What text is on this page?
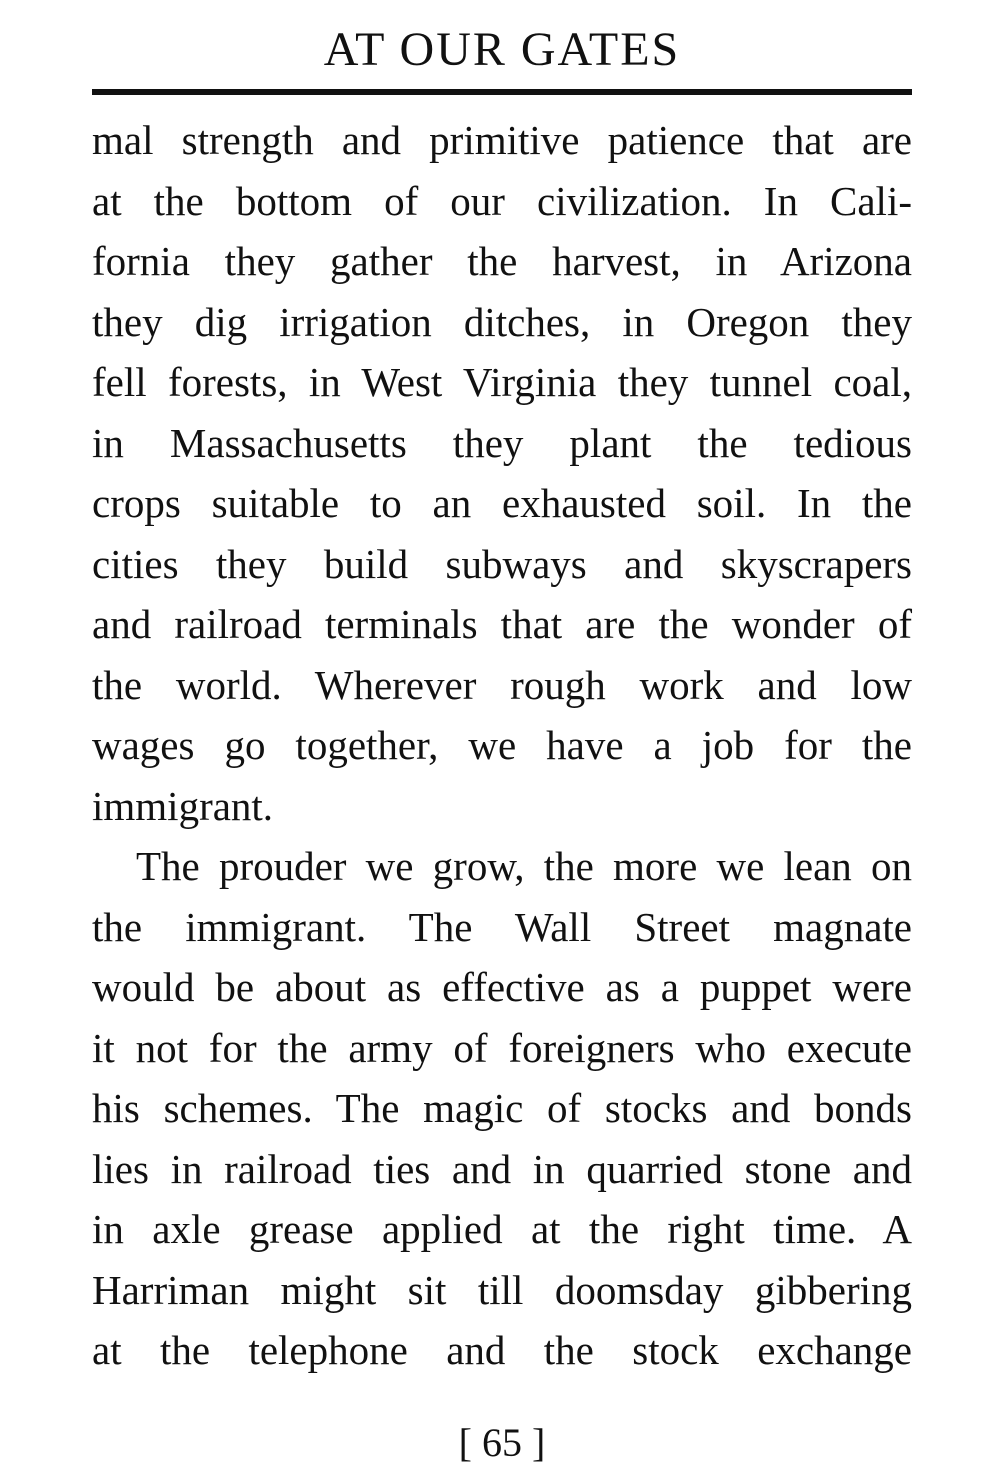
AT OUR GATES
mal strength and primitive patience that are
at the bottom of our civilization. In Cali-
fornia they gather the harvest, in Arizona
they dig irrigation ditches, in Oregon they
fell forests, in West Virginia they tunnel coal,
in Massachusetts they plant the tedious
crops suitable to an exhausted soil. In the
cities they build subways and skyscrapers
and railroad terminals that are the wonder of
the world. Wherever rough work and low
wages go together, we have a job for the
immigrant.
The prouder we grow, the more we lean on
the immigrant. The Wall Street magnate
would be about as effective as a puppet were
it not for the army of foreigners who execute
his schemes. The magic of stocks and bonds
lies in railroad ties and in quarried stone and
in axle grease applied at the right time. A
Harriman might sit till doomsday gibbering
at the telephone and the stock exchange
[ 65 ]
